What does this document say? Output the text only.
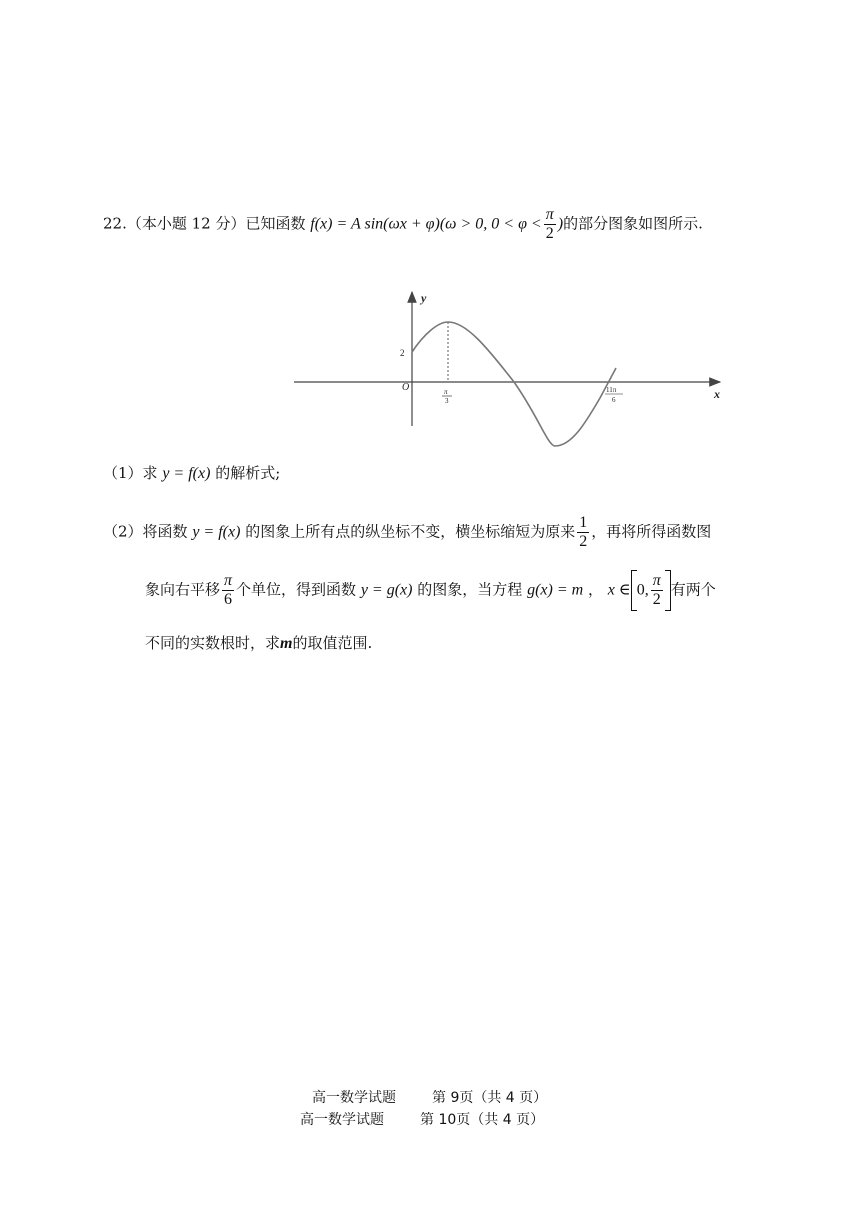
22.（本小题 12 分）已知函数 f(x) = A sin(ωx + φ)(ω > 0, $0 < \varphi < \frac{\pi}{2}$ )的部分图象如图所示.
y
x
O
2
π
3
11π
6
（1）求 y = f(x) 的解析式;
（2）将函数 y = f(x) 的图象上所有点的纵坐标不变，横坐标缩短为原来 $\frac{1}{2}$ ，再将所得函数图
象向右平移 $\frac{\pi}{6}$ 个单位，得到函数 y = g(x) 的图象，当方程 g(x) = m ， x ∈ 0, $\frac{\pi}{2}$ 有两个
不同的实数根时，求m的取值范围.
高一数学试题	第 9页（共 4 页）
高一数学试题	第 10页（共 4 页）
